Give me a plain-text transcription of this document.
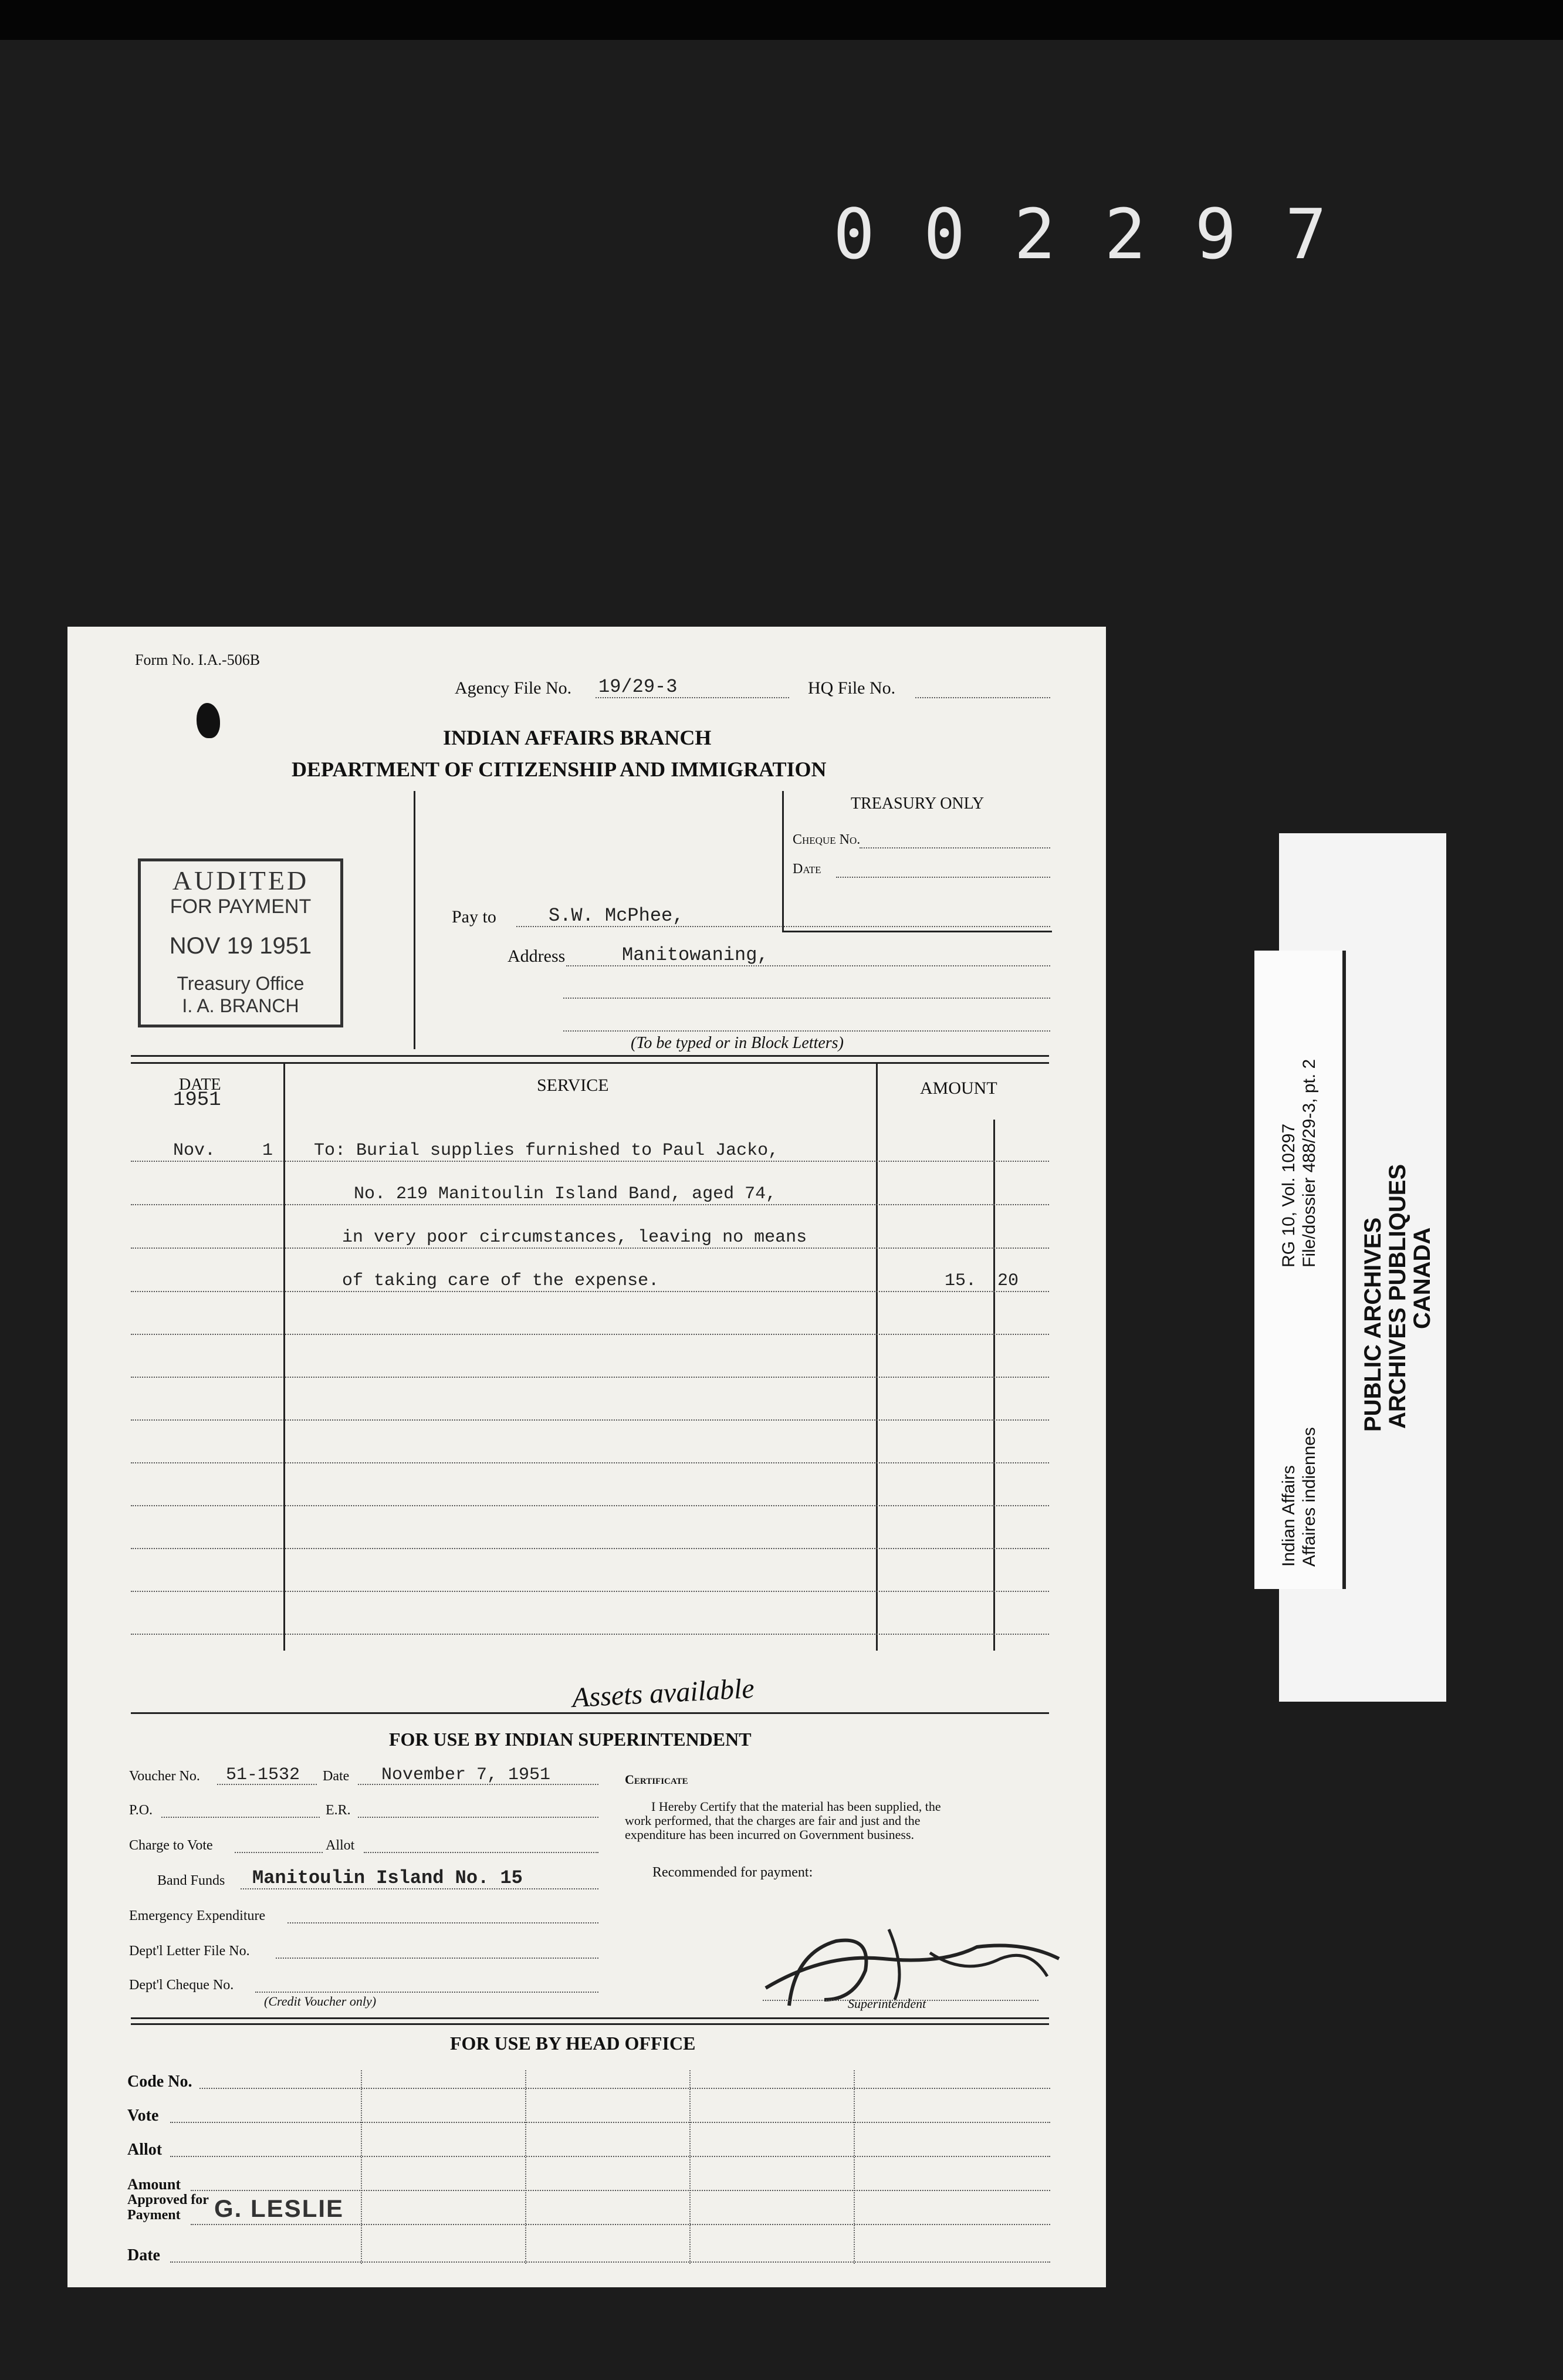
0 0 2 2 9 7
Form No. I.A.-506B
Agency File No. 19/29-3	HQ File No.
INDIAN AFFAIRS BRANCH
DEPARTMENT OF CITIZENSHIP AND IMMIGRATION
TREASURY ONLY
Cheque No.
Date
AUDITED
FOR PAYMENT
NOV 19 1951
Treasury Office
I. A. BRANCH
Pay to	S.W. McPhee,
Address	Manitowaning,
(To be typed or in Block Letters)
DATE
1951
SERVICE	AMOUNT
Nov.	1 To: Burial supplies furnished to Paul Jacko,
No. 219 Manitoulin Island Band, aged 74,
in very poor circumstances, leaving no means
of taking care of the expense.	15. 20
Assets available
FOR USE BY INDIAN SUPERINTENDENT
Voucher No. 51-1532 Date November 7, 1951
P.O.	E.R.
Charge to Vote	Allot
Band Funds Manitoulin Island No. 15
Emergency Expenditure
Dept'l Letter File No.
Dept'l Cheque No.
(Credit Voucher only)
Certificate
I Hereby Certify that the material has been supplied, the
work performed, that the charges are fair and just and the
expenditure has been incurred on Government business.
Recommended for payment:
Superintendent
FOR USE BY HEAD OFFICE
Code No.
Vote
Allot
Amount
Approved for
Payment G. LESLIE
Date
Indian Affairs Affaires indiennes
RG 10, Vol. 10297 File/dossier 488/29-3, pt. 2
PUBLIC ARCHIVES
ARCHIVES PUBLIQUES
CANADA
